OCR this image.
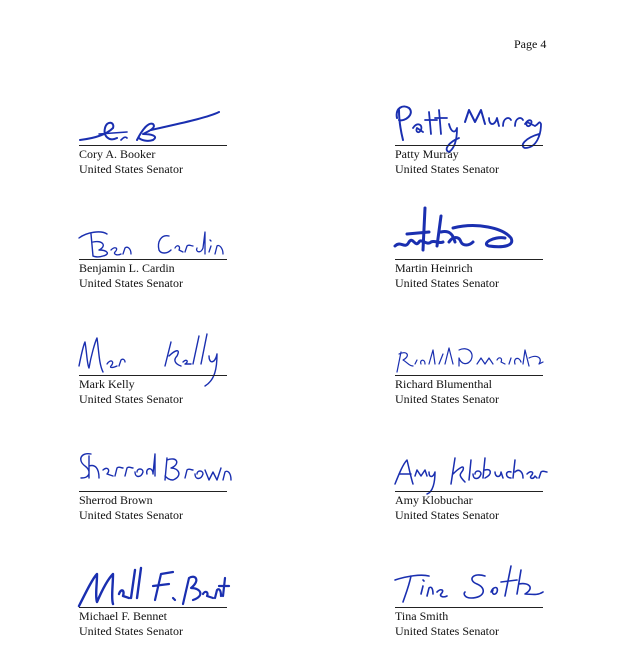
Page 4
Cory A. Booker
United States Senator
Patty Murray
United States Senator
Benjamin L. Cardin
United States Senator
Martin Heinrich
United States Senator
Mark Kelly
United States Senator
Richard Blumenthal
United States Senator
Sherrod Brown
United States Senator
Amy Klobuchar
United States Senator
Michael F. Bennet
United States Senator
Tina Smith
United States Senator
